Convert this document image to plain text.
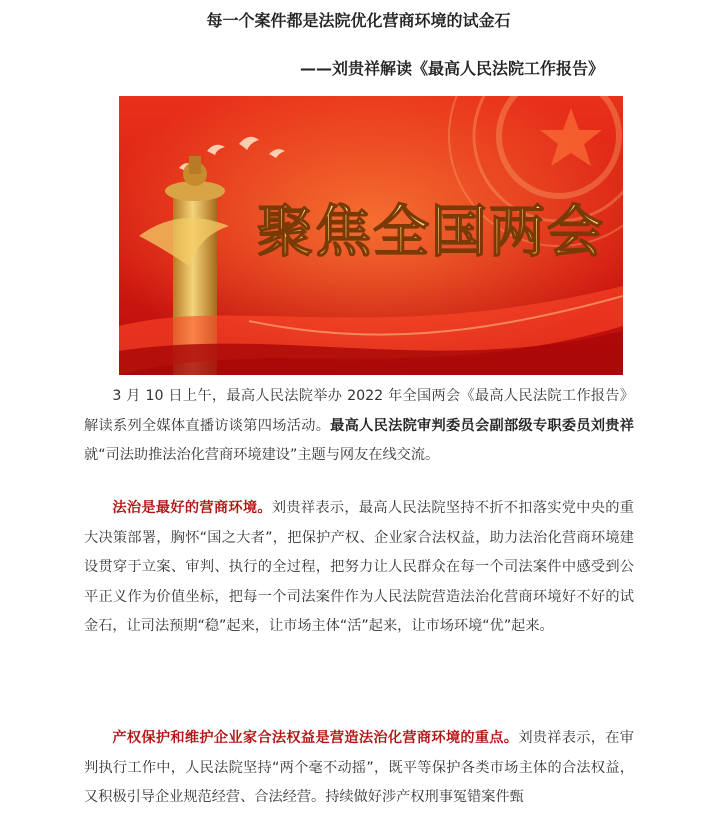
每一个案件都是法院优化营商环境的试金石
——刘贵祥解读《最高人民法院工作报告》
聚焦全国两会
3 月 10 日上午，最高人民法院举办 2022 年全国两会《最高人民法院工作报告》解读系列全媒体直播访谈第四场活动。最高人民法院审判委员会副部级专职委员刘贵祥就“司法助推法治化营商环境建设”主题与网友在线交流。
法治是最好的营商环境。刘贵祥表示，最高人民法院坚持不折不扣落实党中央的重大决策部署，胸怀“国之大者”，把保护产权、企业家合法权益，助力法治化营商环境建设贯穿于立案、审判、执行的全过程，把努力让人民群众在每一个司法案件中感受到公平正义作为价值坐标，把每一个司法案件作为人民法院营造法治化营商环境好不好的试金石，让司法预期“稳”起来，让市场主体“活”起来，让市场环境“优”起来。
产权保护和维护企业家合法权益是营造法治化营商环境的重点。刘贵祥表示，在审判执行工作中，人民法院坚持“两个毫不动摇”，既平等保护各类市场主体的合法权益，又积极引导企业规范经营、合法经营。持续做好涉产权刑事冤错案件甄
